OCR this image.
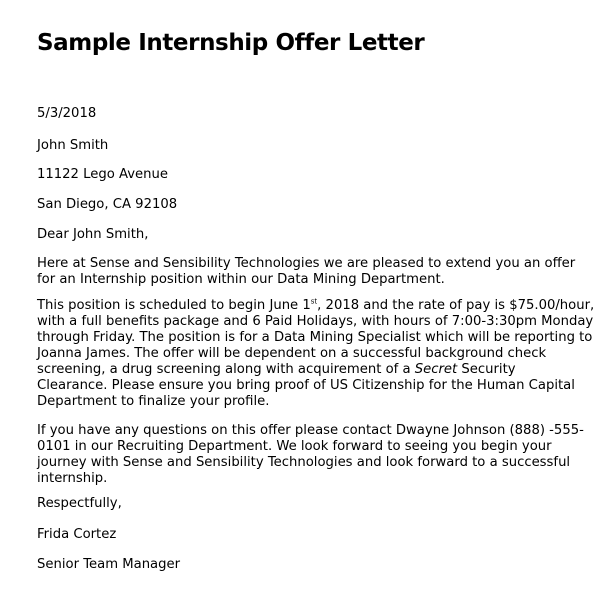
Sample Internship Offer Letter

5/3/2018

John Smith

11122 Lego Avenue

San Diego, CA 92108

Dear John Smith,

Here at Sense and Sensibility Technologies we are pleased to extend you an offer
for an Internship position within our Data Mining Department.
This position is scheduled to begin June 1st, 2018 and the rate of pay is $75.00/hour,
with a full benefits package and 6 Paid Holidays, with hours of 7:00-3:30pm Monday
through Friday. The position is for a Data Mining Specialist which will be reporting to
Joanna James. The offer will be dependent on a successful background check
screening, a drug screening along with acquirement of a Secret Security
Clearance. Please ensure you bring proof of US Citizenship for the Human Capital
Department to finalize your profile.
If you have any questions on this offer please contact Dwayne Johnson (888) -555-
0101 in our Recruiting Department. We look forward to seeing you begin your
journey with Sense and Sensibility Technologies and look forward to a successful
internship.

Respectfully,

Frida Cortez

Senior Team Manager
